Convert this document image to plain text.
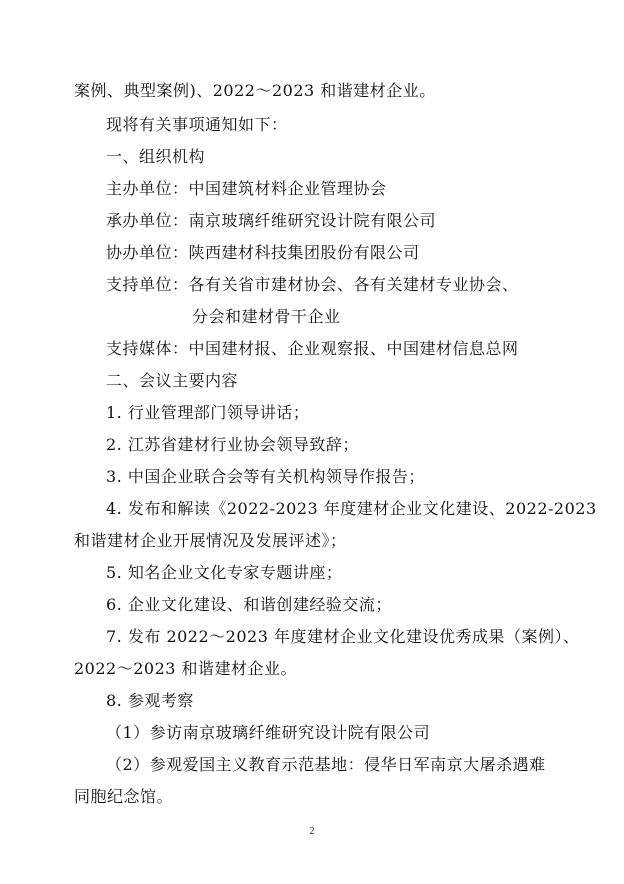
案例、典型案例)、2022～2023 和谐建材企业。
现将有关事项通知如下：
一、组织机构
主办单位：中国建筑材料企业管理协会
承办单位：南京玻璃纤维研究设计院有限公司
协办单位：陕西建材科技集团股份有限公司
支持单位：各有关省市建材协会、各有关建材专业协会、
分会和建材骨干企业
支持媒体：中国建材报、企业观察报、中国建材信息总网
二、会议主要内容
1. 行业管理部门领导讲话；
2. 江苏省建材行业协会领导致辞；
3. 中国企业联合会等有关机构领导作报告；
4. 发布和解读《2022-2023 年度建材企业文化建设、2022-2023
和谐建材企业开展情况及发展评述》；
5. 知名企业文化专家专题讲座；
6. 企业文化建设、和谐创建经验交流；
7. 发布 2022～2023 年度建材企业文化建设优秀成果（案例）、
2022～2023 和谐建材企业。
8. 参观考察
（1）参访南京玻璃纤维研究设计院有限公司
（2）参观爱国主义教育示范基地：侵华日军南京大屠杀遇难
同胞纪念馆。
2
